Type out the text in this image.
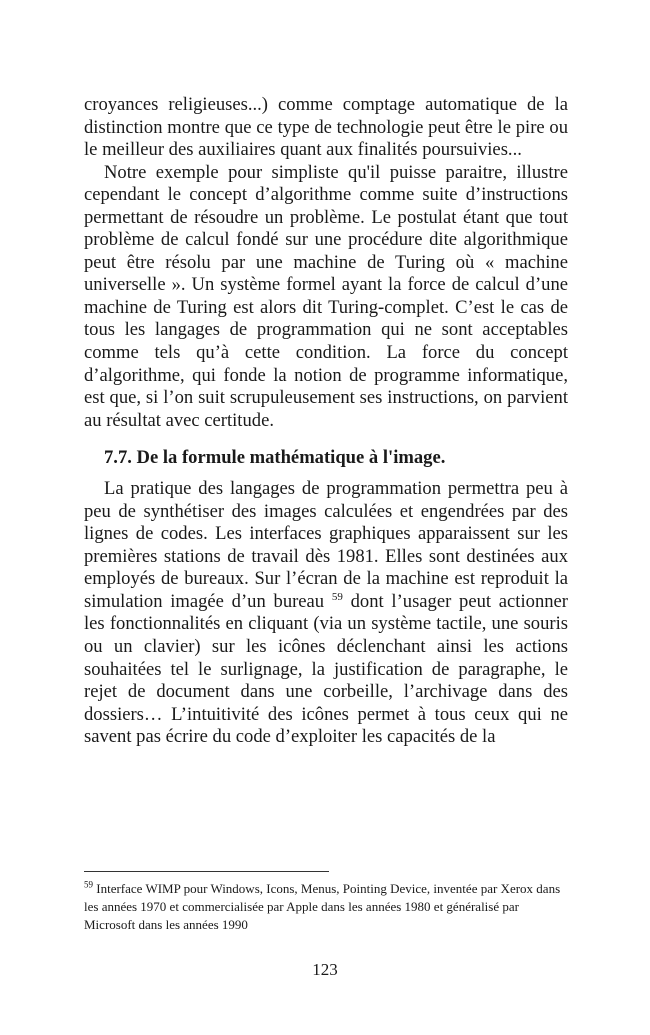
croyances religieuses...) comme comptage automatique de la distinction montre que ce type de technologie peut être le pire ou le meilleur des auxiliaires quant aux finalités poursuivies...

Notre exemple pour simpliste qu'il puisse paraitre, illustre cependant le concept d’algorithme comme suite d’instructions permettant de résoudre un problème. Le postulat étant que tout problème de calcul fondé sur une procédure dite algorithmique peut être résolu par une machine de Turing où « machine universelle ». Un système formel ayant la force de calcul d’une machine de Turing est alors dit Turing-complet. C’est le cas de tous les langages de programmation qui ne sont acceptables comme tels qu’à cette condition. La force du concept d’algorithme, qui fonde la notion de programme informatique, est que, si l’on suit scrupuleusement ses instructions, on parvient au résultat avec certitude.

7.7. De la formule mathématique à l'image.

La pratique des langages de programmation permettra peu à peu de synthétiser des images calculées et engendrées par des lignes de codes. Les interfaces graphiques apparaissent sur les premières stations de travail dès 1981. Elles sont destinées aux employés de bureaux. Sur l’écran de la machine est reproduit la simulation imagée d’un bureau $^{59}$ dont l’usager peut actionner les fonctionnalités en cliquant (via un système tactile, une souris ou un clavier) sur les icônes déclenchant ainsi les actions souhaitées tel le surlignage, la justification de paragraphe, le rejet de document dans une corbeille, l’archivage dans des dossiers… L’intuitivité des icônes permet à tous ceux qui ne savent pas écrire du code d’exploiter les capacités de la

$^{59}$ Interface WIMP pour Windows, Icons, Menus, Pointing Device, inventée par Xerox dans les années 1970 et commercialisée par Apple dans les années 1980 et généralisé par Microsoft dans les années 1990
123
